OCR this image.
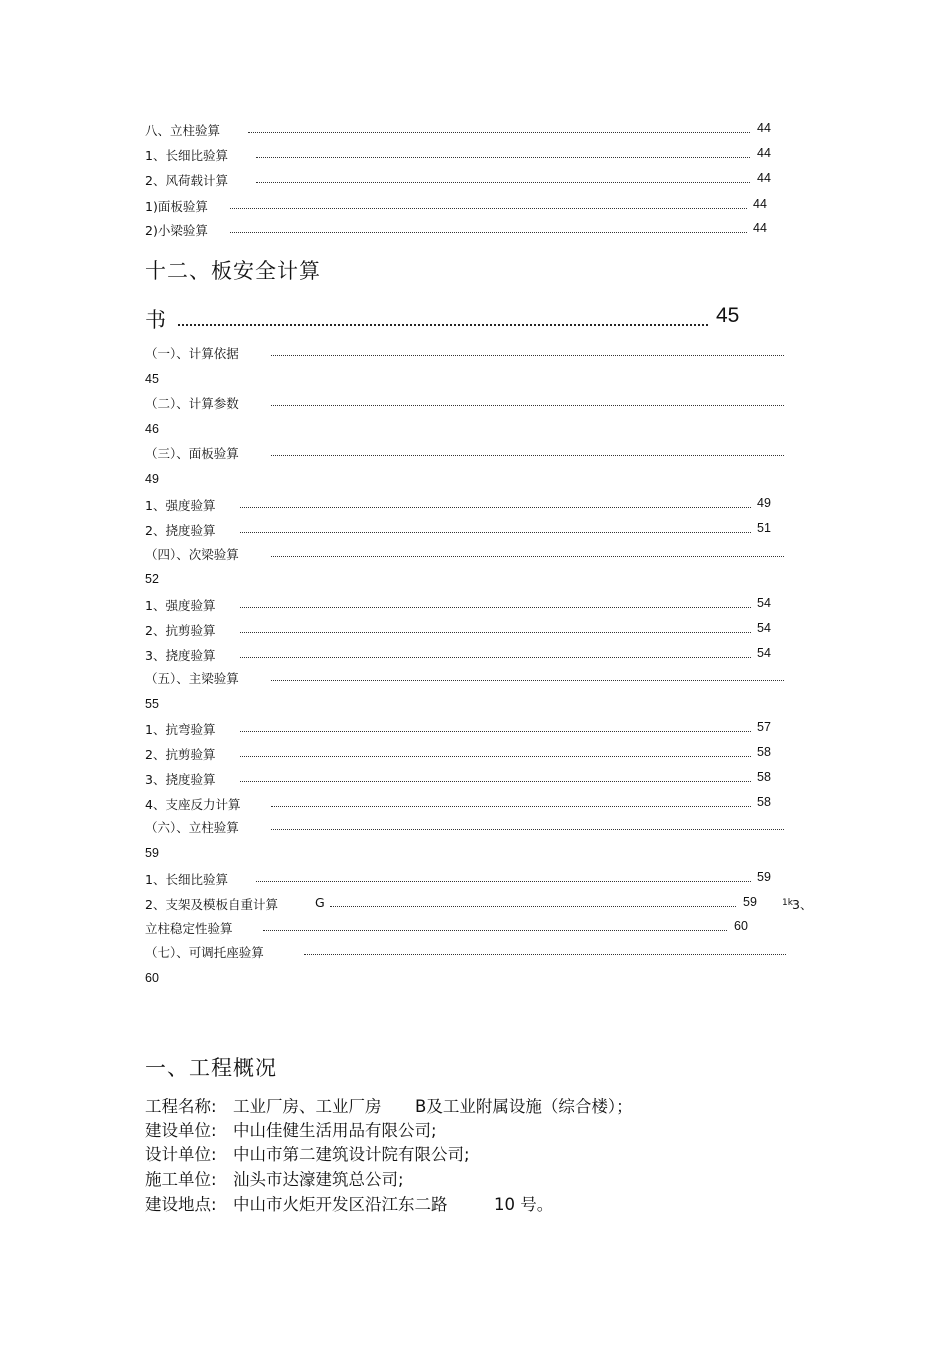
八、立柱验算	44
1、长细比验算	44
2、风荷载计算	44
1)面板验算	44
2)小梁验算	44
十二、板安全计算
书	45
（一）、计算依据
45
（二）、计算参数
46
（三）、面板验算
49
1、强度验算	49
2、挠度验算	51
（四）、次梁验算
52
1、强度验算	54
2、抗剪验算	54
3、挠度验算	54
（五）、主梁验算
55
1、抗弯验算	57
2、抗剪验算	58
3、挠度验算	58
4、支座反力计算	58
（六）、立柱验算
59
1、长细比验算	59
2、支架及模板自重计算	G	59	1k 3、
立柱稳定性验算	60
（七）、可调托座验算
60
一、工程概况
工程名称: 工业厂房、工业厂房 B及工业附属设施（综合楼）；
建设单位: 中山佳健生活用品有限公司;
设计单位: 中山市第二建筑设计院有限公司;
施工单位: 汕头市达濠建筑总公司;
建设地点: 中山市火炬开发区沿江东二路	10 号。
